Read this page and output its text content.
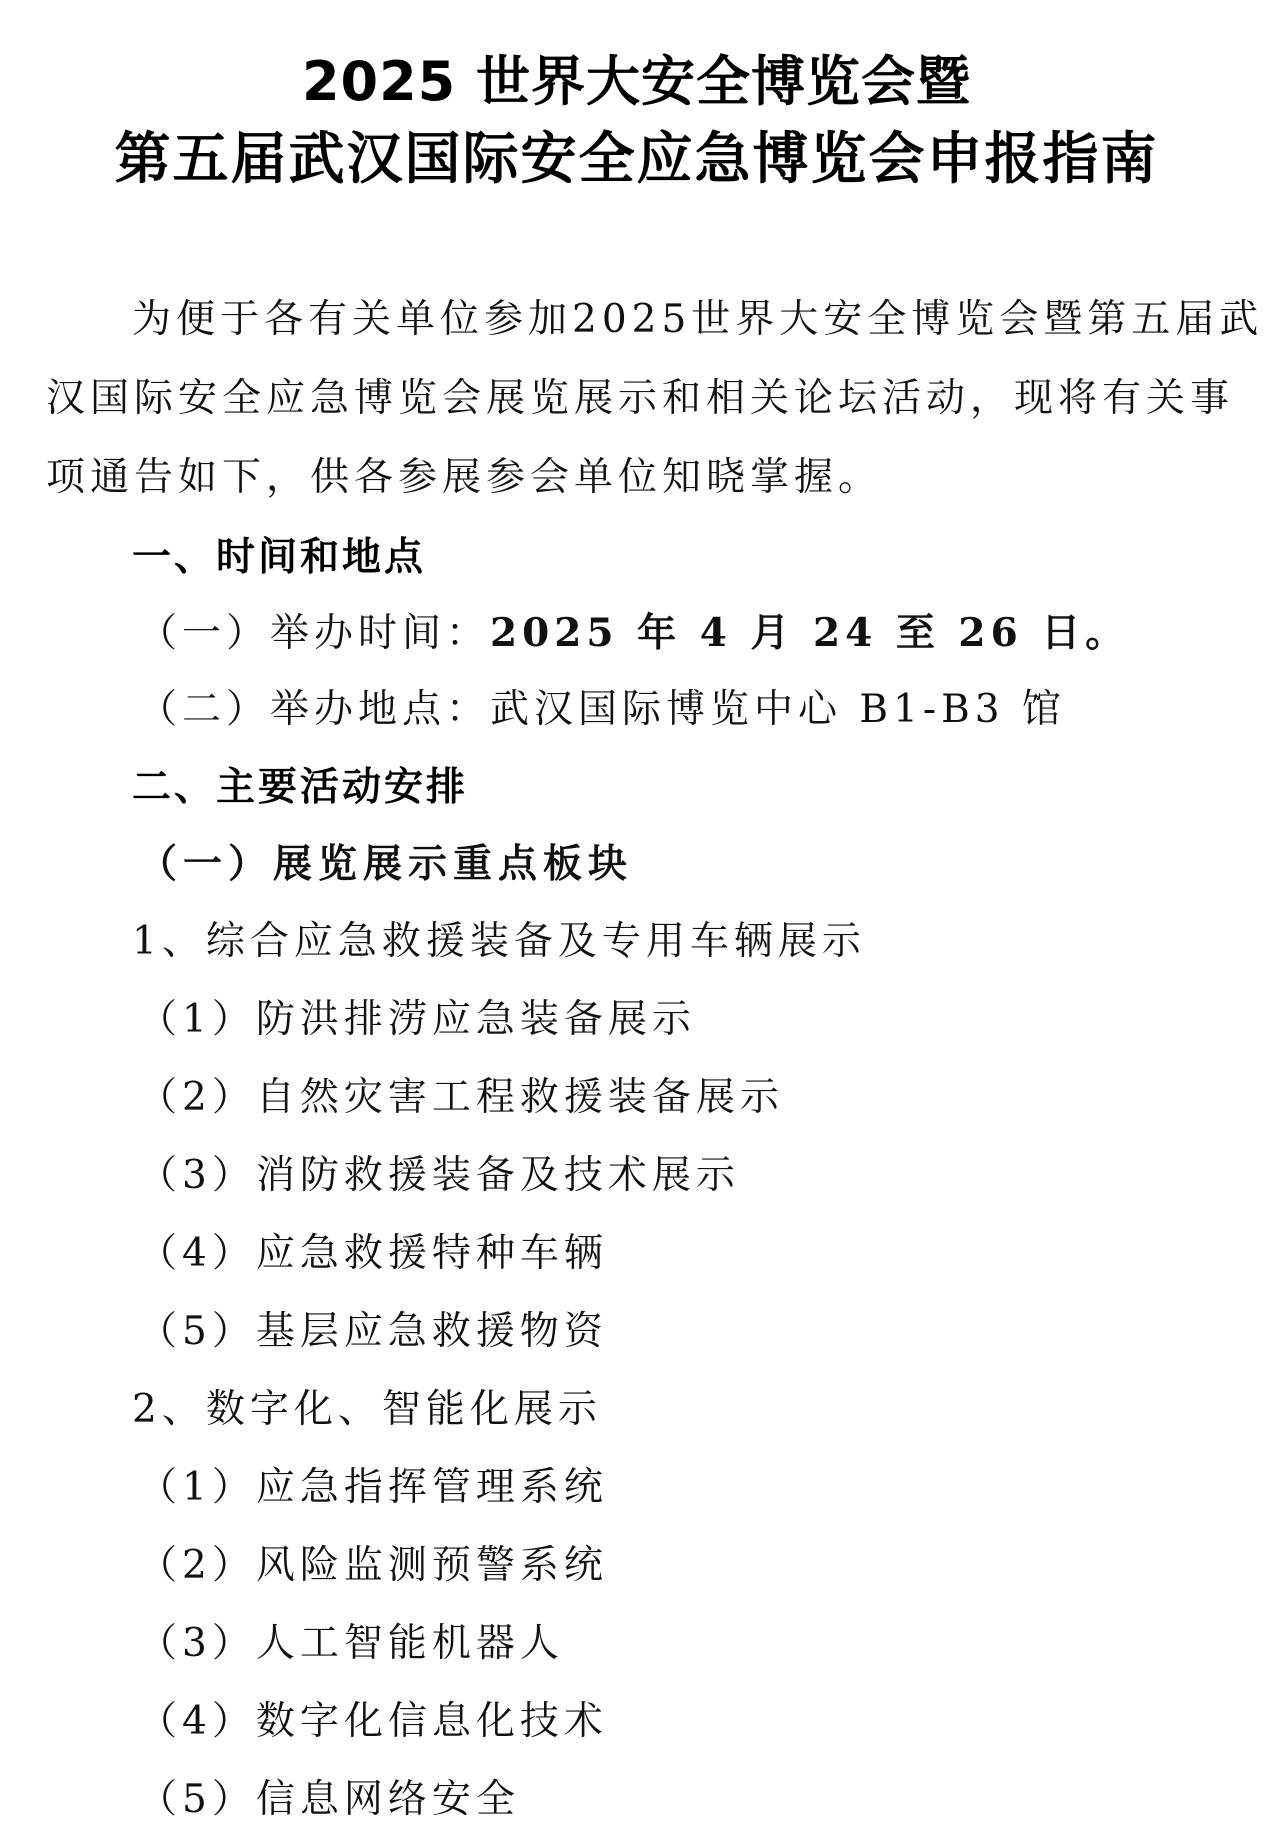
2025 世界大安全博览会暨
第五届武汉国际安全应急博览会申报指南
为便于各有关单位参加2025世界大安全博览会暨第五届武
汉国际安全应急博览会展览展示和相关论坛活动，现将有关事
项通告如下，供各参展参会单位知晓掌握。
一、时间和地点
（一）举办时间：2025 年 4 月 24 至 26 日。
（二）举办地点：武汉国际博览中心 B1-B3 馆
二、主要活动安排
（一）展览展示重点板块
1、综合应急救援装备及专用车辆展示
（1）防洪排涝应急装备展示
（2）自然灾害工程救援装备展示
（3）消防救援装备及技术展示
（4）应急救援特种车辆
（5）基层应急救援物资
2、数字化、智能化展示
（1）应急指挥管理系统
（2）风险监测预警系统
（3）人工智能机器人
（4）数字化信息化技术
（5）信息网络安全
